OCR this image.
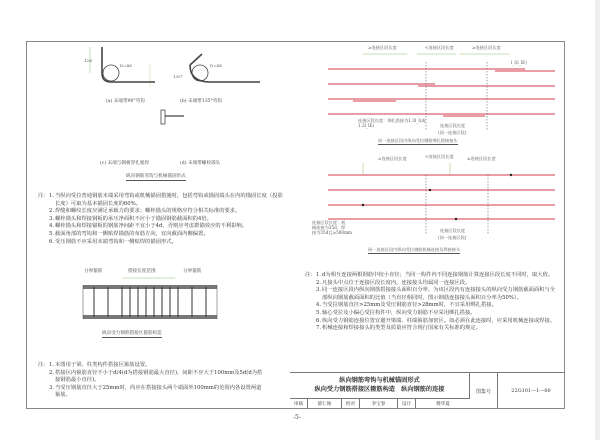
12d
D=4d	D=4d
135°
(a) 末端带90°弯钩	(b) 末端带135°弯钩
(c) 末端与钢板穿孔塞焊	(d) 末端带螺栓锚头
纵向钢筋弯钩与机械锚固形式
注： 1. 当纵向受拉普通钢筋末端采用弯钩或机械锚固措施时，包括弯钩或锚固端头在内的锚固长度（投影长度）可取为基本锚固长度的60%。
2. 焊缝和螺纹长度应满足承载力的要求；螺栓锚头的规格应符合相关标准的要求。
3. 螺栓锚头和焊接钢板的承压净面积不应小于锚固钢筋截面积的4倍。
4. 螺栓锚头和焊接锚板的钢筋净间距不宜小于4d，否则应考虑群锚效应的不利影响。
5. 截面角部的弯钩和一侧贴焊锚筋的布筋方向，宜向截面内侧偏置。
6. 受压钢筋不应采用末端弯钩和一侧贴焊的锚固形式。
分界箍筋	搭接长度范围	分界箍筋
纵向受力钢筋搭接区箍筋构造
注： 1. 本图用于梁、柱类构件搭接区箍筋设置。
2. 搭接区内箍筋直径不小于d/4(d为搭接钢筋最大直径)，间距不应大于100mm及5d(d为搭接钢筋最小直径)。
3. 当受压钢筋直径大于25mm时，尚应在搭接接头两个端面外100mm的范围内各设置两道箍筋。
≥连接区段长度	<连接区段长度	≥连接区段长度
l_l(l_lE)
连接区段长度：绑扎搭接为1.3l_l(或1.3l_lE)	连接区段长度
(同一连接区段)
同一连接区段内纵向受拉钢筋绑扎搭接接头
≥连接区段长度	<连接区段长度	≥连接区段长度
连接区段长度：机
械连接为35d，焊
接为35d且≥500mm	连接区段长度
(同一连接区段)
同一连接区段内纵向受拉钢筋机械连接及焊接接头
注： 1. d为相互连接两根钢筋中较小直径；当同一构件内不同连接钢筋计算连接区段长度不同时，取大值。
2. 凡接头中点位于连接区段长度内，连接接头均属同一连接区段。
3. 同一连接区段内纵向钢筋搭接接头面积百分率，为该区段内有连接接头的纵向受力钢筋截面面积与全部纵向钢筋截面面积的比值（当直径相同时，图示钢筋连接接头面积百分率为50%）。
4. 当受拉钢筋直径>25mm及受压钢筋直径>28mm时，不宜采用绑扎搭接。
5. 轴心受拉及小偏心受拉构件中，纵向受力钢筋不应采用绑扎搭接。
6. 纵向受力钢筋连接位置宜避开梁端、柱端箍筋加密区。如必须在此连接时，应采用机械连接或焊接。
7. 机械连接和焊接接头的类型及质量应符合现行国家有关标准的规定。
纵向钢筋弯钩与机械锚固形式
纵向受力钢筋搭接区箍筋构造　纵向钢筋的连接	图集号	22G101—1—60
审核	郁仁俊	校对	李宝春	设计	傅华夏
-5-
